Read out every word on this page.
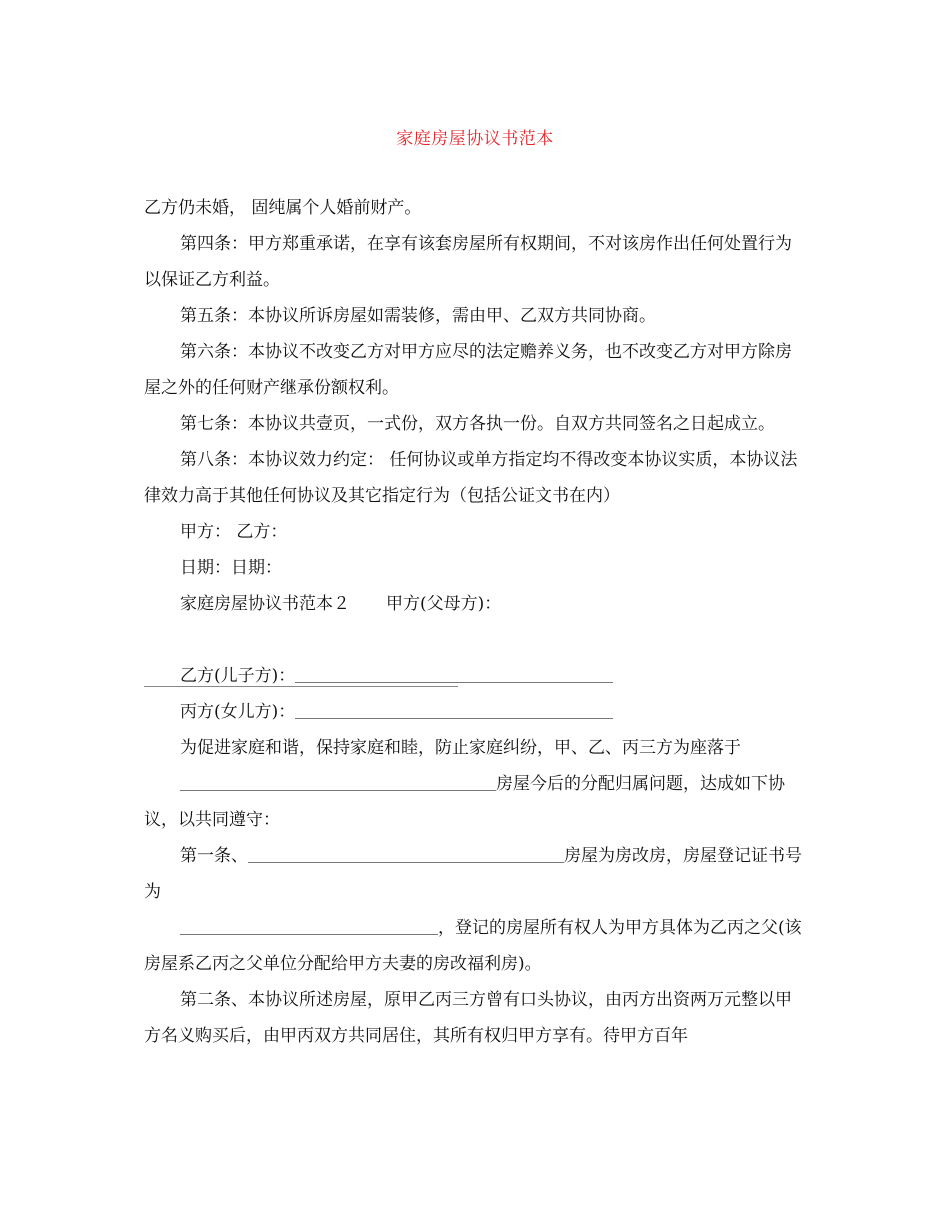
家庭房屋协议书范本

乙方仍未婚， 固纯属个人婚前财产。

第四条：甲方郑重承诺，在享有该套房屋所有权期间，不对该房作出任何处置行为以保证乙方利益。

第五条：本协议所诉房屋如需装修，需由甲、乙双方共同协商。

第六条：本协议不改变乙方对甲方应尽的法定赡养义务，也不改变乙方对甲方除房屋之外的任何财产继承份额权利。

第七条：本协议共壹页，一式份，双方各执一份。自双方共同签名之日起成立。

第八条：本协议效力约定： 任何协议或单方指定均不得改变本协议实质，本协议法律效力高于其他任何协议及其它指定行为（包括公证文书在内）

甲方： 乙方：

日期：日期：

家庭房屋协议书范本２ 甲方(父母方)：

乙方(儿子方)：

丙方(女儿方)：

为促进家庭和谐，保持家庭和睦，防止家庭纠纷，甲、乙、丙三方为座落于

房屋今后的分配归属问题，达成如下协议，以共同遵守：

第一条、	房屋为房改房，房屋登记证书号为

，登记的房屋所有权人为甲方具体为乙丙之父(该房屋系乙丙之父单位分配给甲方夫妻的房改福利房)。

第二条、本协议所述房屋，原甲乙丙三方曾有口头协议，由丙方出资两万元整以甲方名义购买后，由甲丙双方共同居住，其所有权归甲方享有。待甲方百年
